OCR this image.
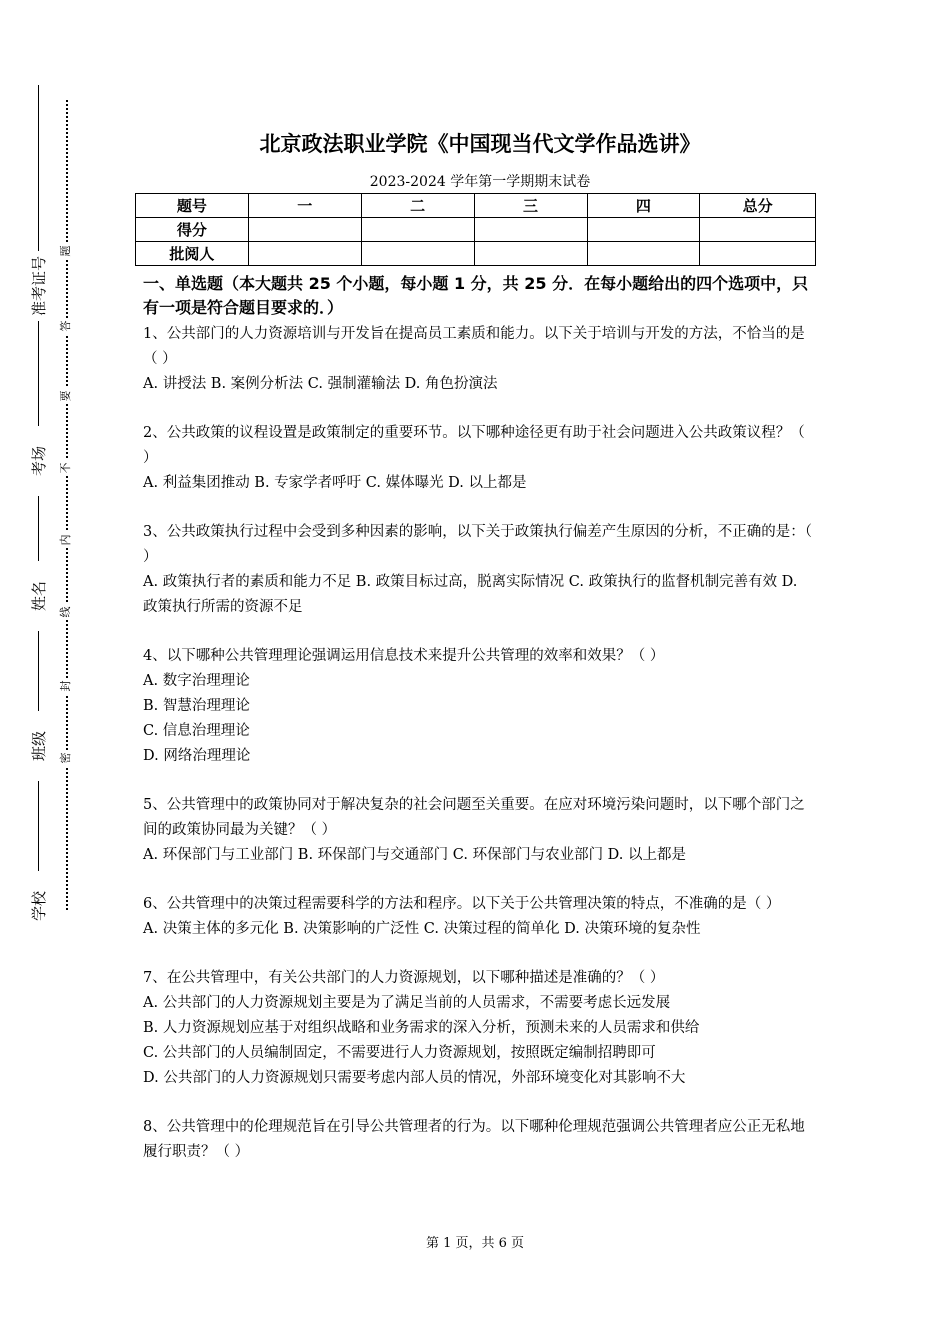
准考证号
考场
姓名
班级
学校
题
答
要
不
内
线
封
密
北京政法职业学院《中国现当代文学作品选讲》
2023-2024 学年第一学期期末试卷
题号	一	二	三	四	总分
得分					
批阅人					
一、单选题（本大题共 25 个小题，每小题 1 分，共 25 分．在每小题给出的四个选项中，只有一项是符合题目要求的．）

1、公共部门的人力资源培训与开发旨在提高员工素质和能力。以下关于培训与开发的方法，不恰当的是（ ）

A. 讲授法 B. 案例分析法 C. 强制灌输法 D. 角色扮演法

2、公共政策的议程设置是政策制定的重要环节。以下哪种途径更有助于社会问题进入公共政策议程？（ ）

A. 利益集团推动 B. 专家学者呼吁 C. 媒体曝光 D. 以上都是

3、公共政策执行过程中会受到多种因素的影响，以下关于政策执行偏差产生原因的分析，不正确的是：（ ）

A. 政策执行者的素质和能力不足 B. 政策目标过高，脱离实际情况 C. 政策执行的监督机制完善有效 D. 政策执行所需的资源不足

4、以下哪种公共管理理论强调运用信息技术来提升公共管理的效率和效果？（ ）

A. 数字治理理论

B. 智慧治理理论

C. 信息治理理论

D. 网络治理理论

5、公共管理中的政策协同对于解决复杂的社会问题至关重要。在应对环境污染问题时，以下哪个部门之间的政策协同最为关键？（ ）

A. 环保部门与工业部门 B. 环保部门与交通部门 C. 环保部门与农业部门 D. 以上都是

6、公共管理中的决策过程需要科学的方法和程序。以下关于公共管理决策的特点，不准确的是（ ）

A. 决策主体的多元化 B. 决策影响的广泛性 C. 决策过程的简单化 D. 决策环境的复杂性

7、在公共管理中，有关公共部门的人力资源规划，以下哪种描述是准确的？（ ）

A. 公共部门的人力资源规划主要是为了满足当前的人员需求，不需要考虑长远发展

B. 人力资源规划应基于对组织战略和业务需求的深入分析，预测未来的人员需求和供给

C. 公共部门的人员编制固定，不需要进行人力资源规划，按照既定编制招聘即可

D. 公共部门的人力资源规划只需要考虑内部人员的情况，外部环境变化对其影响不大

8、公共管理中的伦理规范旨在引导公共管理者的行为。以下哪种伦理规范强调公共管理者应公正无私地履行职责？（ ）

第 1 页，共 6 页
